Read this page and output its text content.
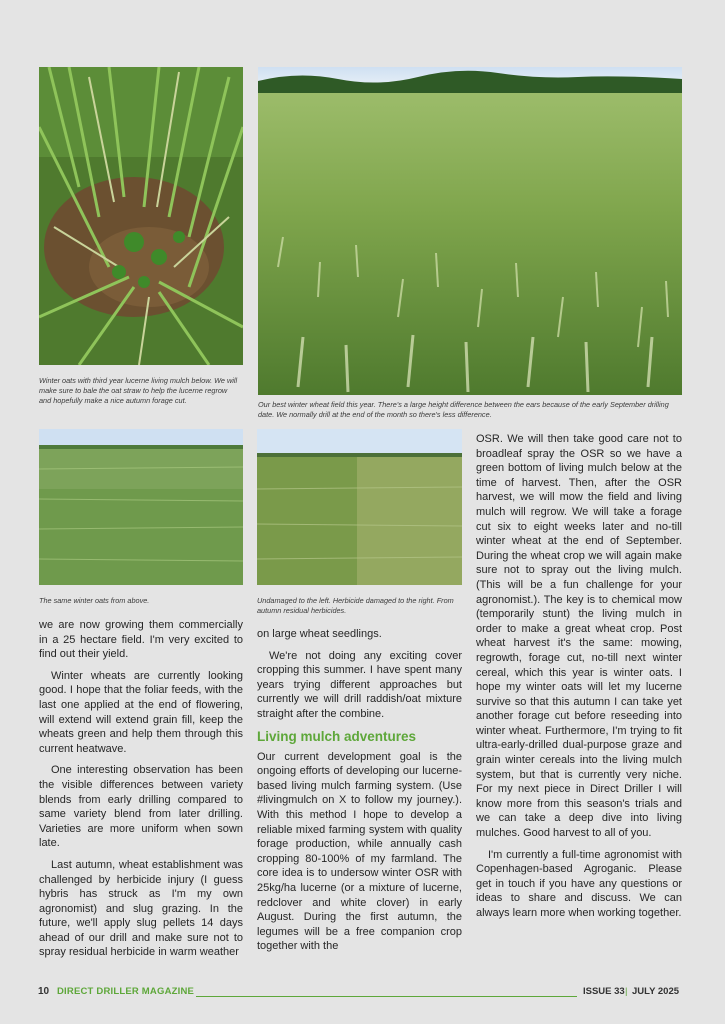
Winter oats with third year lucerne living mulch below. We will make sure to bale the oat straw to help the lucerne regrow and hopefully make a nice autumn forage cut.	Our best winter wheat field this year. There's a large height difference between the ears because of the early September drilling date. We normally drill at the end of the month so there's less difference.

The same winter oats from above.	Undamaged to the left. Herbicide damaged to the right. From autumn residual herbicides.

we are now growing them commercially in a 25 hectare field. I'm very excited to find out their yield.

Winter wheats are currently looking good. I hope that the foliar feeds, with the last one applied at the end of flowering, will extend will extend grain fill, keep the wheats green and help them through this current heatwave.

One interesting observation has been the visible differences between variety blends from early drilling compared to same variety blend from later drilling. Varieties are more uniform when sown late.

Last autumn, wheat establishment was challenged by herbicide injury (I guess hybris has struck as I'm my own agronomist) and slug grazing. In the future, we'll apply slug pellets 14 days ahead of our drill and make sure not to spray residual herbicide in warm weather

on large wheat seedlings.

We're not doing any exciting cover cropping this summer. I have spent many years trying different approaches but currently we will drill raddish/oat mixture straight after the combine.

Living mulch adventures

Our current development goal is the ongoing efforts of developing our lucerne-based living mulch farming system. (Use #livingmulch on X to follow my journey.). With this method I hope to develop a reliable mixed farming system with quality forage production, while annually cash cropping 80-100% of my farmland. The core idea is to undersow winter OSR with 25kg/ha lucerne (or a mixture of lucerne, redclover and white clover) in early August. During the first autumn, the legumes will be a free companion crop together with the

OSR. We will then take good care not to broadleaf spray the OSR so we have a green bottom of living mulch below at the time of harvest. Then, after the OSR harvest, we will mow the field and living mulch will regrow. We will take a forage cut six to eight weeks later and no-till winter wheat at the end of September. During the wheat crop we will again make sure not to spray out the living mulch. (This will be a fun challenge for your agronomist.). The key is to chemical mow (temporarily stunt) the living mulch in order to make a great wheat crop. Post wheat harvest it's the same: mowing, regrowth, forage cut, no-till next winter cereal, which this year is winter oats. I hope my winter oats will let my lucerne survive so that this autumn I can take yet another forage cut before reseeding into winter wheat. Furthermore, I'm trying to fit ultra-early-drilled dual-purpose graze and grain winter cereals into the living mulch system, but that is currently very niche. For my next piece in Direct Driller I will know more from this season's trials and we can take a deep dive into living mulches. Good harvest to all of you.

I'm currently a full-time agronomist with Copenhagen-based Agroganic. Please get in touch if you have any questions or ideas to share and discuss. We can always learn more when working together.

10 DIRECT DRILLER MAGAZINE	ISSUE 33 | JULY 2025
